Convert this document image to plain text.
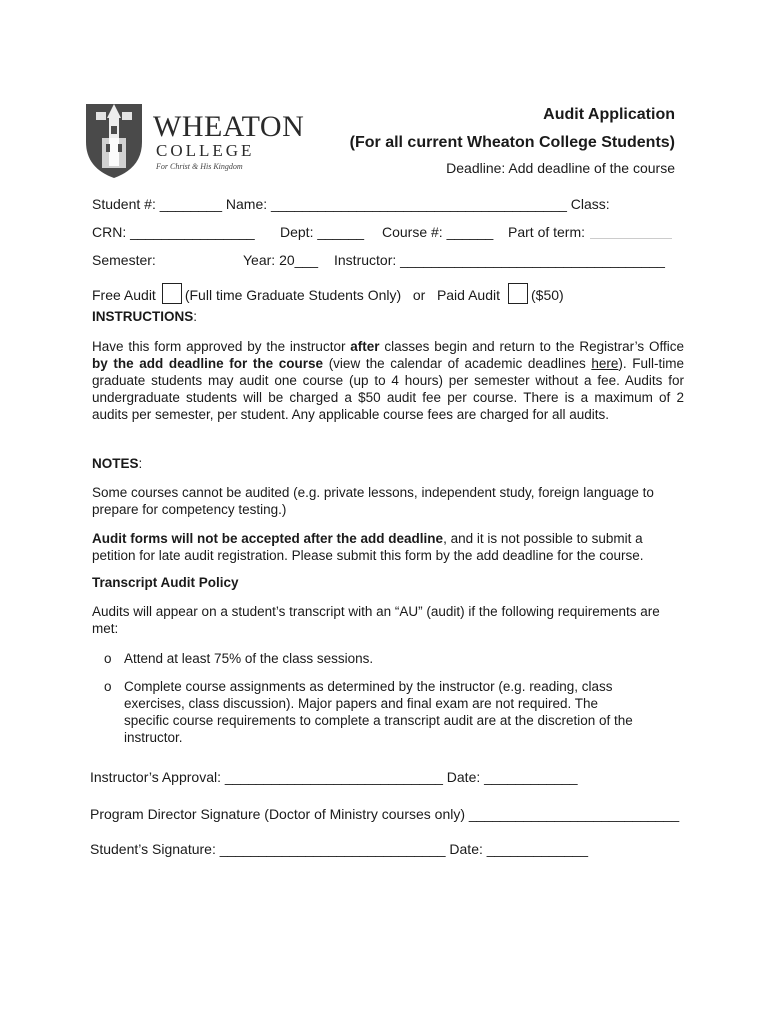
WHEATON
COLLEGE
For Christ & His Kingdom
Audit Application
(For all current Wheaton College Students)
Deadline: Add deadline of the course
Student #: ________ Name: ______________________________________ Class:
CRN: ________________ Dept: ______ Course #: ______ Part of term:
Semester:	Year: 20___ Instructor: __________________________________
Free Audit (Full time Graduate Students Only) or Paid Audit ($50)
INSTRUCTIONS:
Have this form approved by the instructor after classes begin and return to the Registrar’s Office by the add deadline for the course (view the calendar of academic deadlines here). Full-time graduate students may audit one course (up to 4 hours) per semester without a fee. Audits for undergraduate students will be charged a $50 audit fee per course. There is a maximum of 2 audits per semester, per student. Any applicable course fees are charged for all audits.
NOTES:
Some courses cannot be audited (e.g. private lessons, independent study, foreign language to prepare for competency testing.)
Audit forms will not be accepted after the add deadline, and it is not possible to submit a petition for late audit registration. Please submit this form by the add deadline for the course.
Transcript Audit Policy
Audits will appear on a student’s transcript with an “AU” (audit) if the following requirements are met:
o Attend at least 75% of the class sessions.
o Complete course assignments as determined by the instructor (e.g. reading, class exercises, class discussion). Major papers and final exam are not required. The specific course requirements to complete a transcript audit are at the discretion of the instructor.
Instructor’s Approval: ____________________________ Date: ____________
Program Director Signature (Doctor of Ministry courses only) ___________________________
Student’s Signature: _____________________________ Date: _____________
